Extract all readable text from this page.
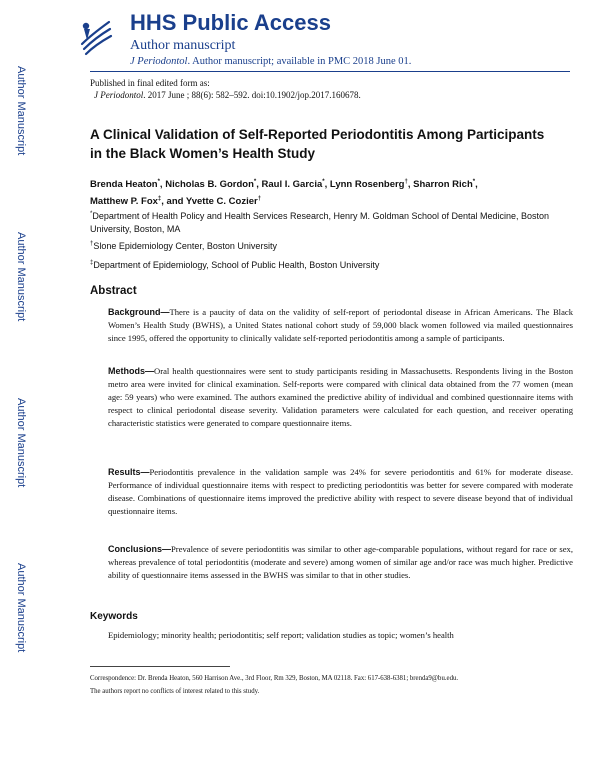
Author Manuscript
Author Manuscript
Author Manuscript
Author Manuscript
HHS Public Access
Author manuscript
J Periodontol. Author manuscript; available in PMC 2018 June 01.
Published in final edited form as:
J Periodontol. 2017 June ; 88(6): 582–592. doi:10.1902/jop.2017.160678.
A Clinical Validation of Self-Reported Periodontitis Among Participants in the Black Women’s Health Study
Brenda Heaton*, Nicholas B. Gordon*, Raul I. Garcia*, Lynn Rosenberg†, Sharron Rich*,
Matthew P. Fox‡, and Yvette C. Cozier†
*Department of Health Policy and Health Services Research, Henry M. Goldman School of Dental Medicine, Boston University, Boston, MA
†Slone Epidemiology Center, Boston University
‡Department of Epidemiology, School of Public Health, Boston University
Abstract
Background—There is a paucity of data on the validity of self-report of periodontal disease in African Americans. The Black Women’s Health Study (BWHS), a United States national cohort study of 59,000 black women followed via mailed questionnaires since 1995, offered the opportunity to clinically validate self-reported periodontitis among a sample of participants.
Methods—Oral health questionnaires were sent to study participants residing in Massachusetts. Respondents living in the Boston metro area were invited for clinical examination. Self-reports were compared with clinical data obtained from the 77 women (mean age: 59 years) who were examined. The authors examined the predictive ability of individual and combined questionnaire items with respect to clinical periodontal disease severity. Validation parameters were calculated for each question, and receiver operating characteristic statistics were generated to compare questionnaire items.
Results—Periodontitis prevalence in the validation sample was 24% for severe periodontitis and 61% for moderate disease. Performance of individual questionnaire items with respect to predicting periodontitis was better for severe compared with moderate disease. Combinations of questionnaire items improved the predictive ability with respect to severe disease beyond that of individual questionnaire items.
Conclusions—Prevalence of severe periodontitis was similar to other age-comparable populations, without regard for race or sex, whereas prevalence of total periodontitis (moderate and severe) among women of similar age and/or race was much higher. Predictive ability of questionnaire items assessed in the BWHS was similar to that in other studies.
Keywords
Epidemiology; minority health; periodontitis; self report; validation studies as topic; women’s health

Correspondence: Dr. Brenda Heaton, 560 Harrison Ave., 3rd Floor, Rm 329, Boston, MA 02118. Fax: 617-638-6381; brenda9@bu.edu.

The authors report no conflicts of interest related to this study.
